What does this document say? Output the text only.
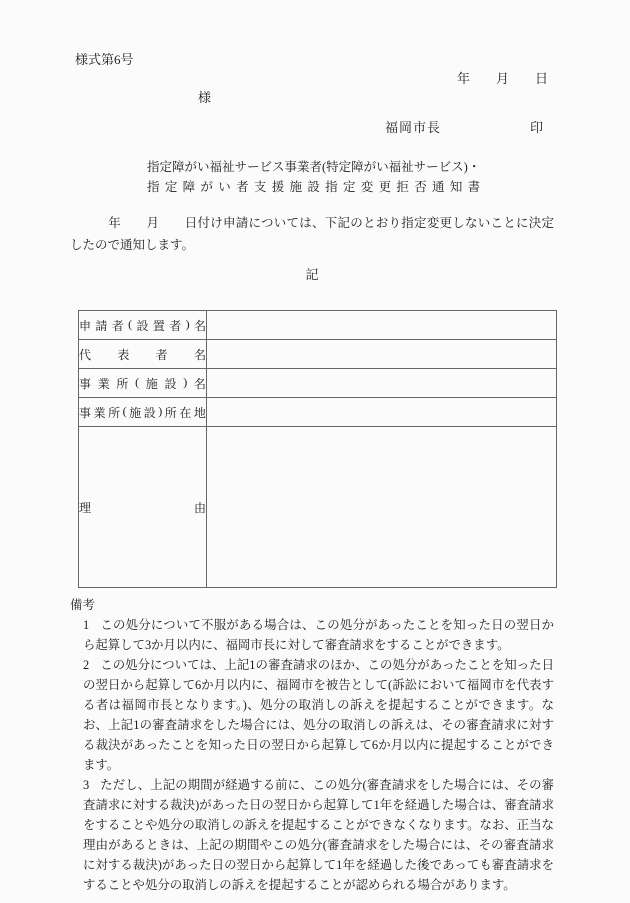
様式第6号
年　　月　　日
様
福岡市長	印
指定障がい福祉サービス事業者(特定障がい福祉サービス)・
指 定 障 が い 者 支 援 施 設 指 定 変 更 拒 否 通 知 書
　　　年　　月　　日付け申請については、下記のとおり指定変更しないことに決定したので通知します。
記
申 請 者 ( 設 置 者 ) 名

代 表 者 名	

事 業 所 ( 施 設 ) 名

事 業 所 ( 施 設 ) 所 在 地

理 由	

備考
1 この処分について不服がある場合は、この処分があったことを知った日の翌日から起算して3か月以内に、福岡市長に対して審査請求をすることができます。
2 この処分については、上記1の審査請求のほか、この処分があったことを知った日の翌日から起算して6か月以内に、福岡市を被告として(訴訟において福岡市を代表する者は福岡市長となります。)、処分の取消しの訴えを提起することができます。なお、上記1の審査請求をした場合には、処分の取消しの訴えは、その審査請求に対する裁決があったことを知った日の翌日から起算して6か月以内に提起することができます。
3 ただし、上記の期間が経過する前に、この処分(審査請求をした場合には、その審査請求に対する裁決)があった日の翌日から起算して1年を経過した場合は、審査請求をすることや処分の取消しの訴えを提起することができなくなります。なお、正当な理由があるときは、上記の期間やこの処分(審査請求をした場合には、その審査請求に対する裁決)があった日の翌日から起算して1年を経過した後であっても審査請求をすることや処分の取消しの訴えを提起することが認められる場合があります。
